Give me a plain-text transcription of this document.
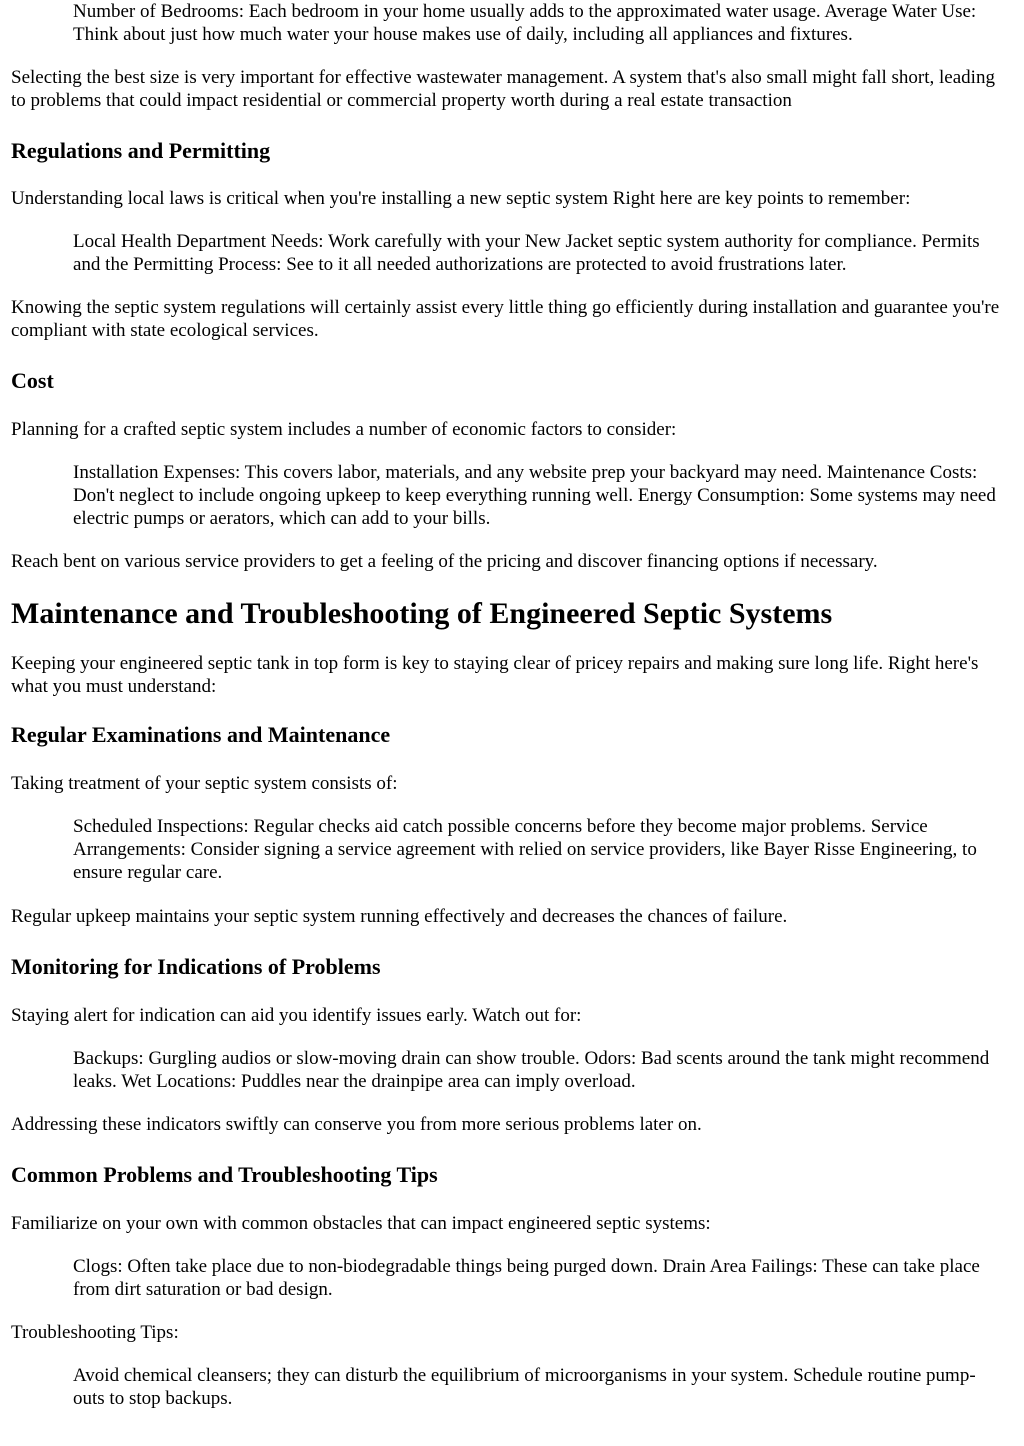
Number of Bedrooms: Each bedroom in your home usually adds to the approximated water usage. Average Water Use: Think about just how much water your house makes use of daily, including all appliances and fixtures.

Selecting the best size is very important for effective wastewater management. A system that's also small might fall short, leading to problems that could impact residential or commercial property worth during a real estate transaction

Regulations and Permitting

Understanding local laws is critical when you're installing a new septic system Right here are key points to remember:

Local Health Department Needs: Work carefully with your New Jacket septic system authority for compliance. Permits and the Permitting Process: See to it all needed authorizations are protected to avoid frustrations later.

Knowing the septic system regulations will certainly assist every little thing go efficiently during installation and guarantee you're compliant with state ecological services.

Cost

Planning for a crafted septic system includes a number of economic factors to consider:

Installation Expenses: This covers labor, materials, and any website prep your backyard may need. Maintenance Costs: Don't neglect to include ongoing upkeep to keep everything running well. Energy Consumption: Some systems may need electric pumps or aerators, which can add to your bills.

Reach bent on various service providers to get a feeling of the pricing and discover financing options if necessary.

Maintenance and Troubleshooting of Engineered Septic Systems

Keeping your engineered septic tank in top form is key to staying clear of pricey repairs and making sure long life. Right here's what you must understand:

Regular Examinations and Maintenance

Taking treatment of your septic system consists of:

Scheduled Inspections: Regular checks aid catch possible concerns before they become major problems. Service Arrangements: Consider signing a service agreement with relied on service providers, like Bayer Risse Engineering, to ensure regular care.

Regular upkeep maintains your septic system running effectively and decreases the chances of failure.

Monitoring for Indications of Problems

Staying alert for indication can aid you identify issues early. Watch out for:

Backups: Gurgling audios or slow-moving drain can show trouble. Odors: Bad scents around the tank might recommend leaks. Wet Locations: Puddles near the drainpipe area can imply overload.

Addressing these indicators swiftly can conserve you from more serious problems later on.

Common Problems and Troubleshooting Tips

Familiarize on your own with common obstacles that can impact engineered septic systems:

Clogs: Often take place due to non-biodegradable things being purged down. Drain Area Failings: These can take place from dirt saturation or bad design.

Troubleshooting Tips:

Avoid chemical cleansers; they can disturb the equilibrium of microorganisms in your system. Schedule routine pump-outs to stop backups.
